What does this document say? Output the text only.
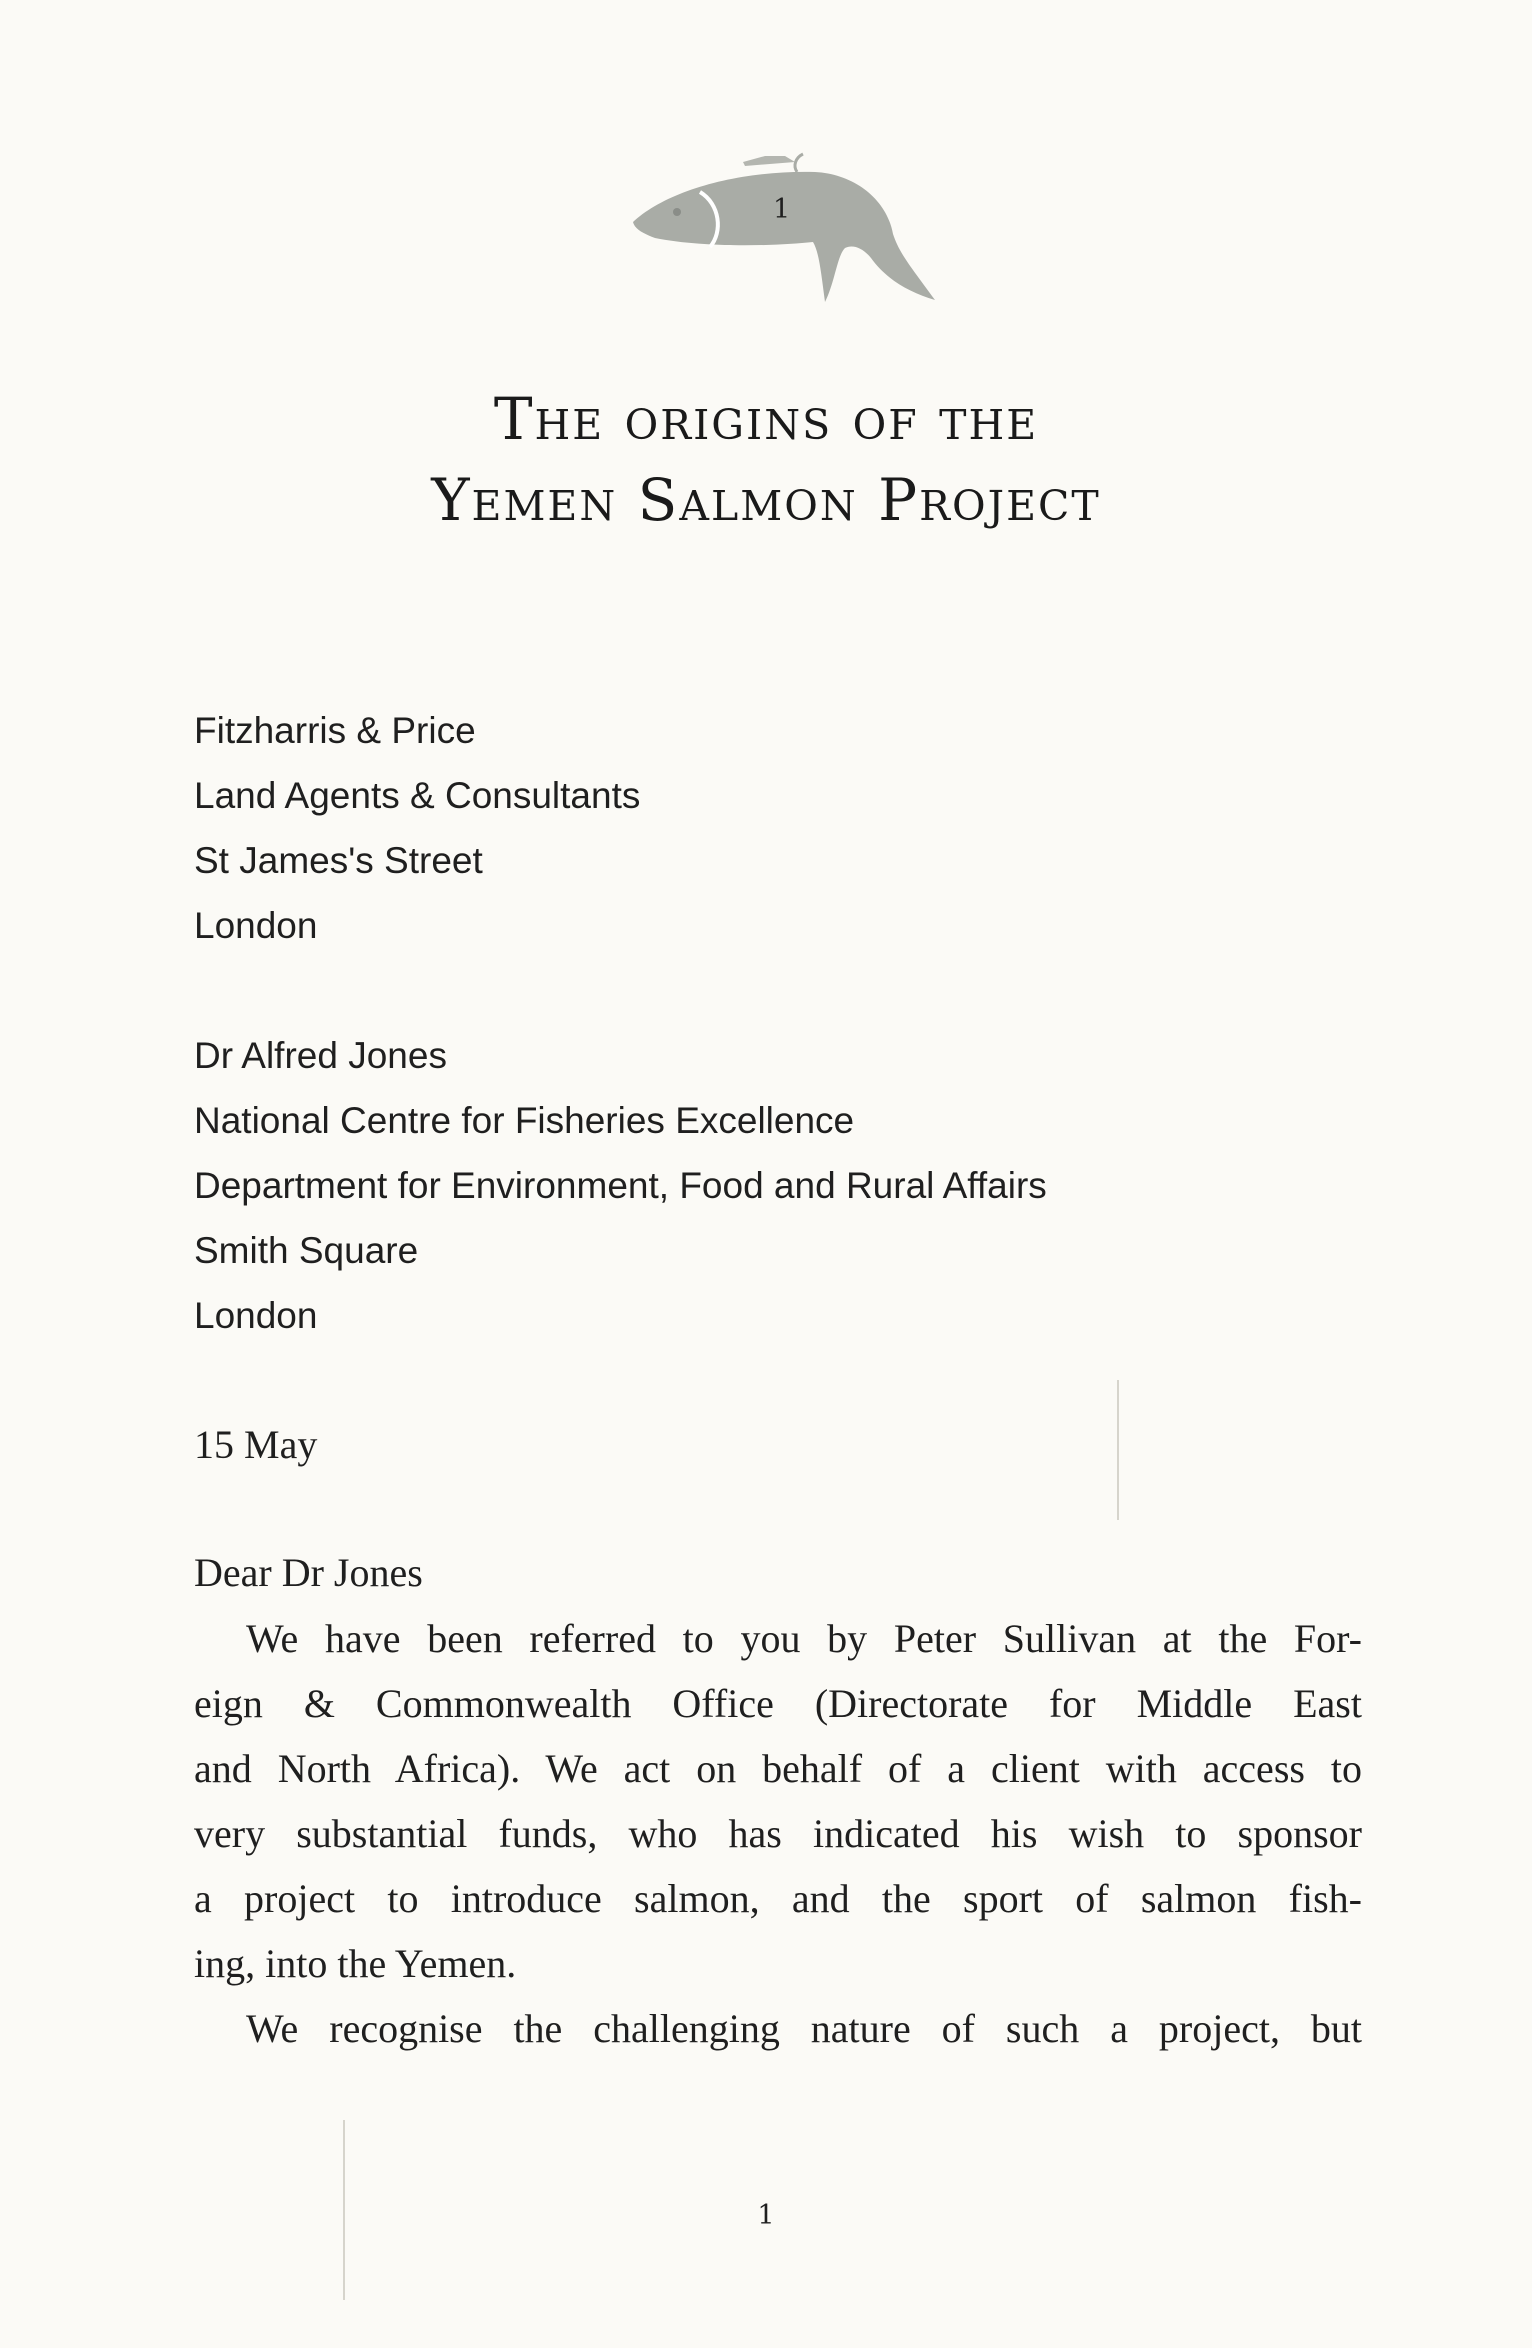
1
The origins of the
Yemen Salmon Project
Fitzharris & Price
Land Agents & Consultants
St James's Street
London
Dr Alfred Jones
National Centre for Fisheries Excellence
Department for Environment, Food and Rural Affairs
Smith Square
London
15 May
Dear Dr Jones
We have been referred to you by Peter Sullivan at the For-
eign & Commonwealth Office (Directorate for Middle East
and North Africa). We act on behalf of a client with access to
very substantial funds, who has indicated his wish to sponsor
a project to introduce salmon, and the sport of salmon fish-
ing, into the Yemen.
We recognise the challenging nature of such a project, but
1
